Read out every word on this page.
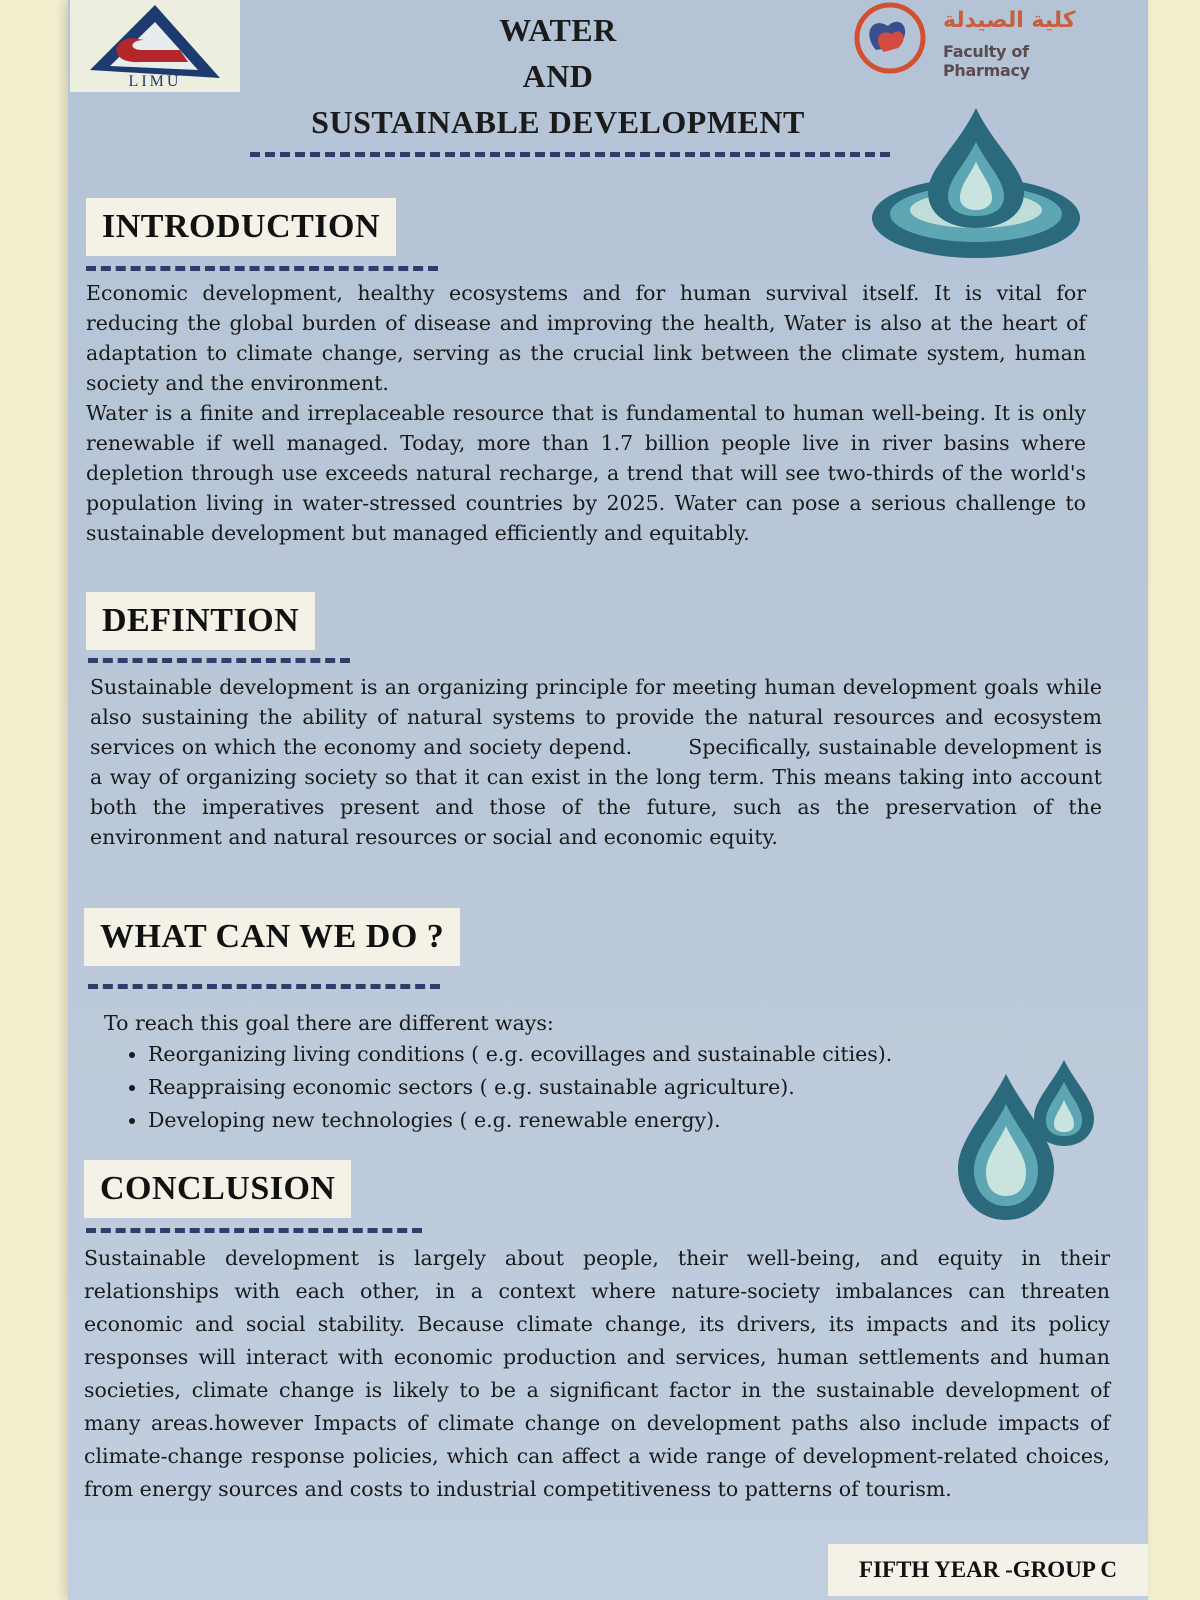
LIMU
كلية الصيدلة
Faculty of Pharmacy
WATER
AND
SUSTAINABLE DEVELOPMENT
INTRODUCTION

Economic development, healthy ecosystems and for human survival itself. It is vital for reducing the global burden of disease and improving the health, Water is also at the heart of adaptation to climate change, serving as the crucial link between the climate system, human society and the environment.

Water is a finite and irreplaceable resource that is fundamental to human well-being. It is only renewable if well managed. Today, more than 1.7 billion people live in river basins where depletion through use exceeds natural recharge, a trend that will see two-thirds of the world's population living in water-stressed countries by 2025. Water can pose a serious challenge to sustainable development but managed efficiently and equitably.

DEFINTION

Sustainable development is an organizing principle for meeting human development goals while also sustaining the ability of natural systems to provide the natural resources and ecosystem services on which the economy and society depend.        Specifically, sustainable development is a way of organizing society so that it can exist in the long term. This means taking into account both the imperatives present and those of the future, such as the preservation of the environment and natural resources or social and economic equity.

WHAT CAN WE DO ?
To reach this goal there are different ways:
• Reorganizing living conditions ( e.g. ecovillages and sustainable cities).
• Reappraising economic sectors ( e.g. sustainable agriculture).
• Developing new technologies ( e.g. renewable energy).
CONCLUSION

Sustainable development is largely about people, their well-being, and equity in their relationships with each other, in a context where nature-society imbalances can threaten economic and social stability. Because climate change, its drivers, its impacts and its policy responses will interact with economic production and services, human settlements and human societies, climate change is likely to be a significant factor in the sustainable development of many areas.however Impacts of climate change on development paths also include impacts of climate-change response policies, which can affect a wide range of development-related choices, from energy sources and costs to industrial competitiveness to patterns of tourism.

FIFTH YEAR -GROUP C
